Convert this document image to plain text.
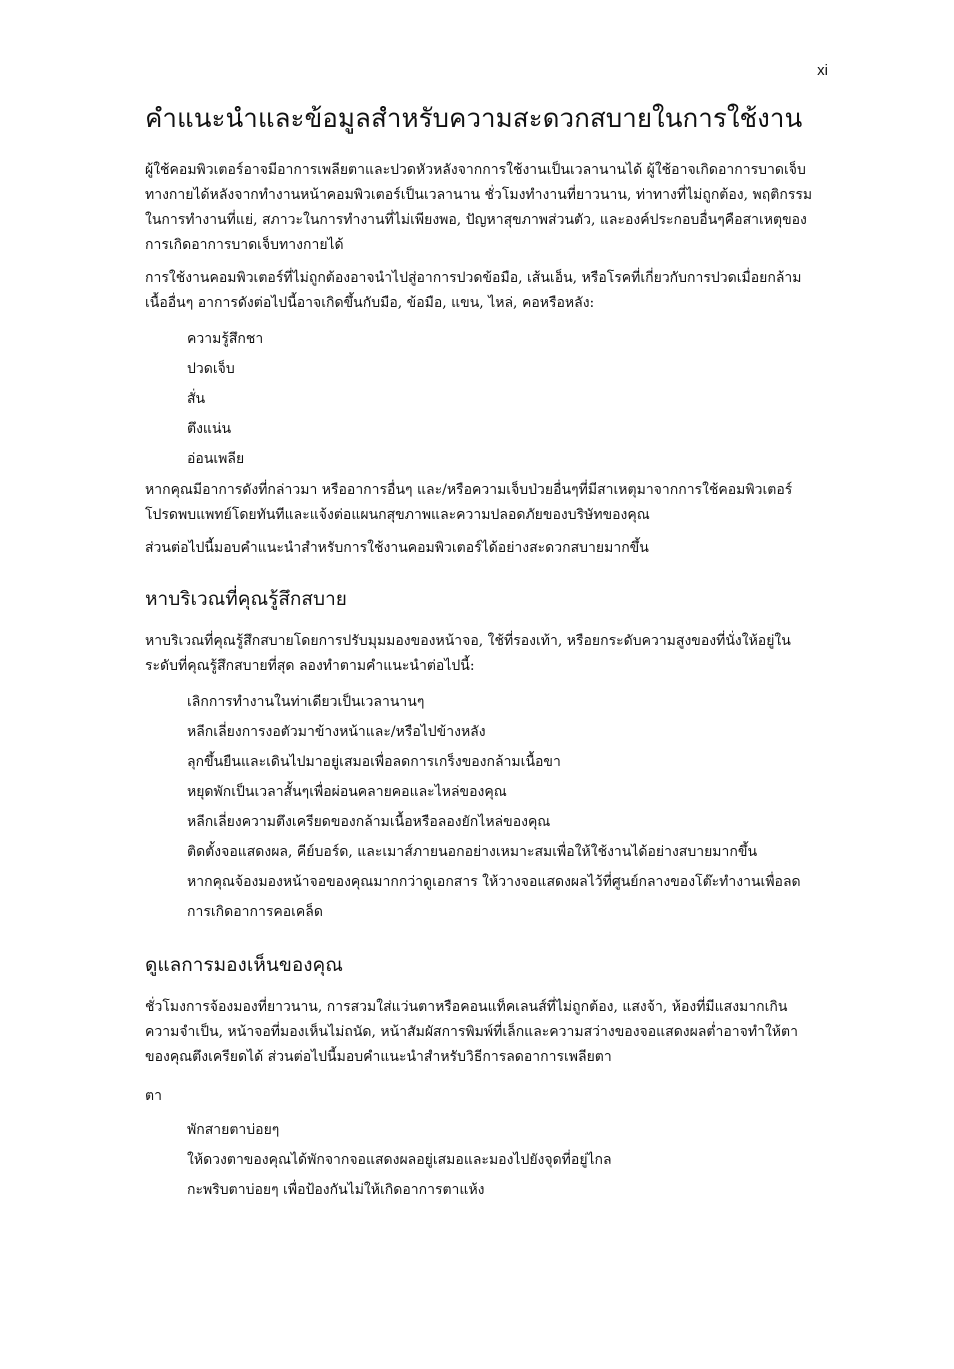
xi
คำแนะนำและข้อมูลสำหรับความสะดวกสบายในการใช้งาน

ผู้ใช้คอมพิวเตอร์อาจมีอาการเพลียตาและปวดหัวหลังจากการใช้งานเป็นเวลานานได้ ผู้ใช้อาจเกิดอาการบาดเจ็บทางกายได้หลังจากทำงานหน้าคอมพิวเตอร์เป็นเวลานาน ชั่วโมงทำงานที่ยาวนาน, ท่าทางที่ไม่ถูกต้อง, พฤติกรรมในการทำงานที่แย่, สภาวะในการทำงานที่ไม่เพียงพอ, ปัญหาสุขภาพส่วนตัว, และองค์ประกอบอื่นๆคือสาเหตุของการเกิดอาการบาดเจ็บทางกายได้

การใช้งานคอมพิวเตอร์ที่ไม่ถูกต้องอาจนำไปสู่อาการปวดข้อมือ, เส้นเอ็น, หรือโรคที่เกี่ยวกับการปวดเมื่อยกล้ามเนื้ออื่นๆ อาการดังต่อไปนี้อาจเกิดขึ้นกับมือ, ข้อมือ, แขน, ไหล่, คอหรือหลัง:

ความรู้สึกชา
ปวดเจ็บ
สั่น
ตึงแน่น
อ่อนเพลีย

หากคุณมีอาการดังที่กล่าวมา หรืออาการอื่นๆ และ/หรือความเจ็บป่วยอื่นๆที่มีสาเหตุมาจากการใช้คอมพิวเตอร์ โปรดพบแพทย์โดยทันทีและแจ้งต่อแผนกสุขภาพและความปลอดภัยของบริษัทของคุณ

ส่วนต่อไปนี้มอบคำแนะนำสำหรับการใช้งานคอมพิวเตอร์ได้อย่างสะดวกสบายมากขึ้น

หาบริเวณที่คุณรู้สึกสบาย

หาบริเวณที่คุณรู้สึกสบายโดยการปรับมุมมองของหน้าจอ, ใช้ที่รองเท้า, หรือยกระดับความสูงของที่นั่งให้อยู่ในระดับที่คุณรู้สึกสบายที่สุด ลองทำตามคำแนะนำต่อไปนี้:

เลิกการทำงานในท่าเดียวเป็นเวลานานๆ
หลีกเลี่ยงการงอตัวมาข้างหน้าและ/หรือไปข้างหลัง
ลุกขึ้นยืนและเดินไปมาอยู่เสมอเพื่อลดการเกร็งของกล้ามเนื้อขา
หยุดพักเป็นเวลาสั้นๆเพื่อผ่อนคลายคอและไหล่ของคุณ
หลีกเลี่ยงความตึงเครียดของกล้ามเนื้อหรือลองยักไหล่ของคุณ
ติดตั้งจอแสดงผล, คีย์บอร์ด, และเมาส์ภายนอกอย่างเหมาะสมเพื่อให้ใช้งานได้อย่างสบายมากขึ้น
หากคุณจ้องมองหน้าจอของคุณมากกว่าดูเอกสาร ให้วางจอแสดงผลไว้ที่ศูนย์กลางของโต๊ะทำงานเพื่อลดการเกิดอาการคอเคล็ด
ดูแลการมองเห็นของคุณ

ชั่วโมงการจ้องมองที่ยาวนาน, การสวมใส่แว่นตาหรือคอนแท็คเลนส์ที่ไม่ถูกต้อง, แสงจ้า, ห้องที่มีแสงมากเกินความจำเป็น, หน้าจอที่มองเห็นไม่ถนัด, หน้าสัมผัสการพิมพ์ที่เล็กและความสว่างของจอแสดงผลต่ำอาจทำให้ตาของคุณตึงเครียดได้ ส่วนต่อไปนี้มอบคำแนะนำสำหรับวิธีการลดอาการเพลียตา

ตา

พักสายตาบ่อยๆ
ให้ดวงตาของคุณได้พักจากจอแสดงผลอยู่เสมอและมองไปยังจุดที่อยู่ไกล
กะพริบตาบ่อยๆ เพื่อป้องกันไม่ให้เกิดอาการตาแห้ง
